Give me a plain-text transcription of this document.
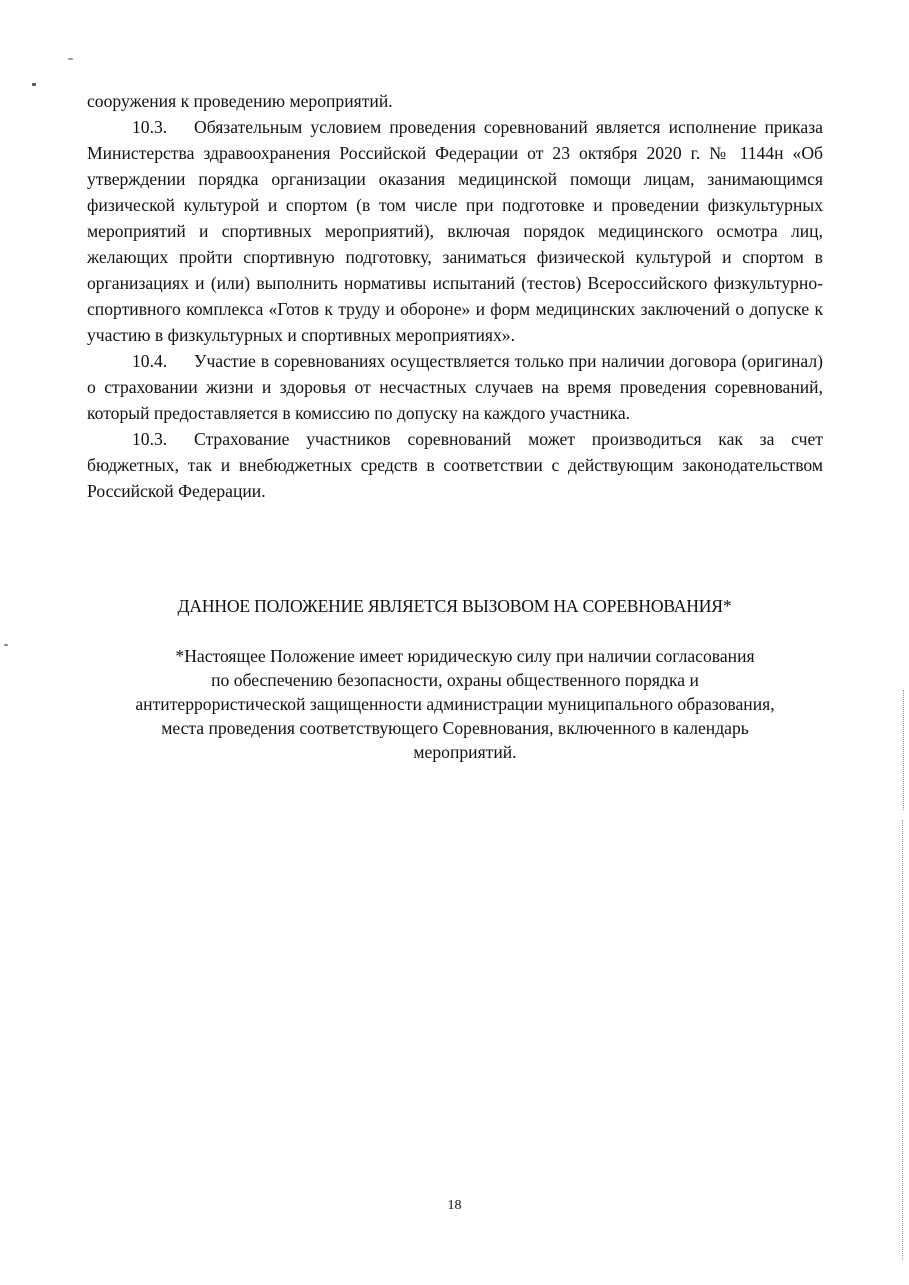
сооружения к проведению мероприятий.

10.3. Обязательным условием проведения соревнований является исполнение приказа Министерства здравоохранения Российской Федерации от 23 октября 2020 г. № 1144н «Об утверждении порядка организации оказания медицинской помощи лицам, занимающимся физической культурой и спортом (в том числе при подготовке и проведении физкультурных мероприятий и спортивных мероприятий), включая порядок медицинского осмотра лиц, желающих пройти спортивную подготовку, заниматься физической культурой и спортом в организациях и (или) выполнить нормативы испытаний (тестов) Всероссийского физкультурно-спортивного комплекса «Готов к труду и обороне» и форм медицинских заключений о допуске к участию в физкультурных и спортивных мероприятиях».

10.4. Участие в соревнованиях осуществляется только при наличии договора (оригинал) о страховании жизни и здоровья от несчастных случаев на время проведения соревнований, который предоставляется в комиссию по допуску на каждого участника.

10.3. Страхование участников соревнований может производиться как за счет бюджетных, так и внебюджетных средств в соответствии с действующим законодательством Российской Федерации.

ДАННОЕ ПОЛОЖЕНИЕ ЯВЛЯЕТСЯ ВЫЗОВОМ НА СОРЕВНОВАНИЯ*
*Настоящее Положение имеет юридическую силу при наличии согласования
по обеспечению безопасности, охраны общественного порядка и
антитеррористической защищенности администрации муниципального образования,
места проведения соответствующего Соревнования, включенного в календарь
мероприятий.
18
